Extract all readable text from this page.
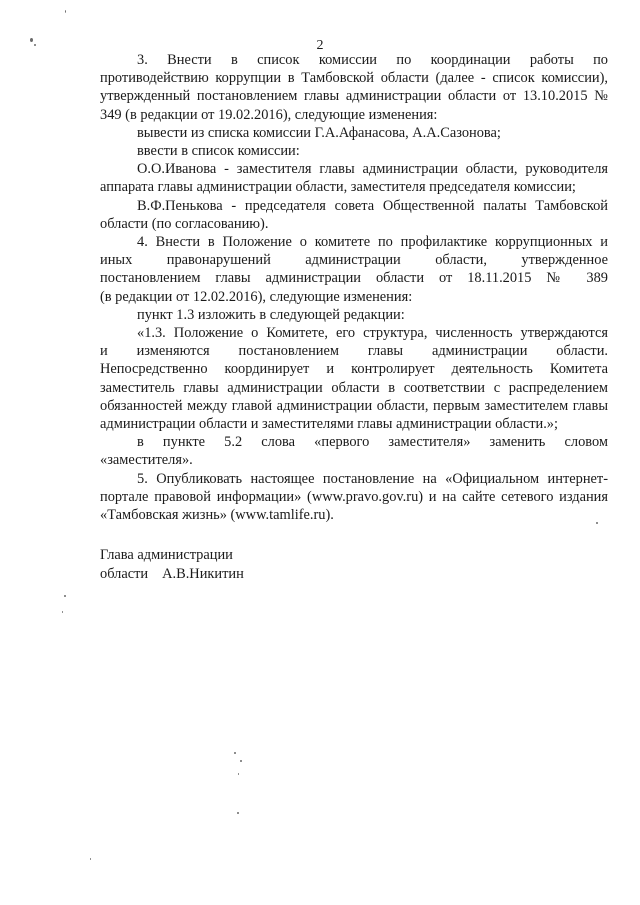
2

3. Внести в список комиссии по координации работы по

противодействию коррупции в Тамбовской области (далее - список комиссии), утвержденный постановлением главы администрации области от 13.10.2015 № 349 (в редакции от 19.02.2016), следующие изменения:

вывести из списка комиссии Г.А.Афанасова, А.А.Сазонова;

ввести в список комиссии:

О.О.Иванова - заместителя главы администрации области, руководителя аппарата главы администрации области, заместителя председателя комиссии;

В.Ф.Пенькова - председателя совета Общественной палаты Тамбовской области (по согласованию).

4. Внести в Положение о комитете по профилактике коррупционных и

иных правонарушений администрации области, утвержденное

постановлением главы администрации области от 18.11.2015 № 389

(в редакции от 12.02.2016), следующие изменения:

пункт 1.3 изложить в следующей редакции:

«1.3. Положение о Комитете, его структура, численность утверждаются

и изменяются постановлением главы администрации области.

Непосредственно координирует и контролирует деятельность Комитета заместитель главы администрации области в соответствии с распределением обязанностей между главой администрации области, первым заместителем главы администрации области и заместителями главы администрации области.»;

в пункте 5.2 слова «первого заместителя» заменить словом

«заместителя».

5. Опубликовать настоящее постановление на «Официальном интернет-портале правовой информации» (www.pravo.gov.ru) и на сайте сетевого издания «Тамбовская жизнь» (www.tamlife.ru).

Глава администрации
области А.В.Никитин
